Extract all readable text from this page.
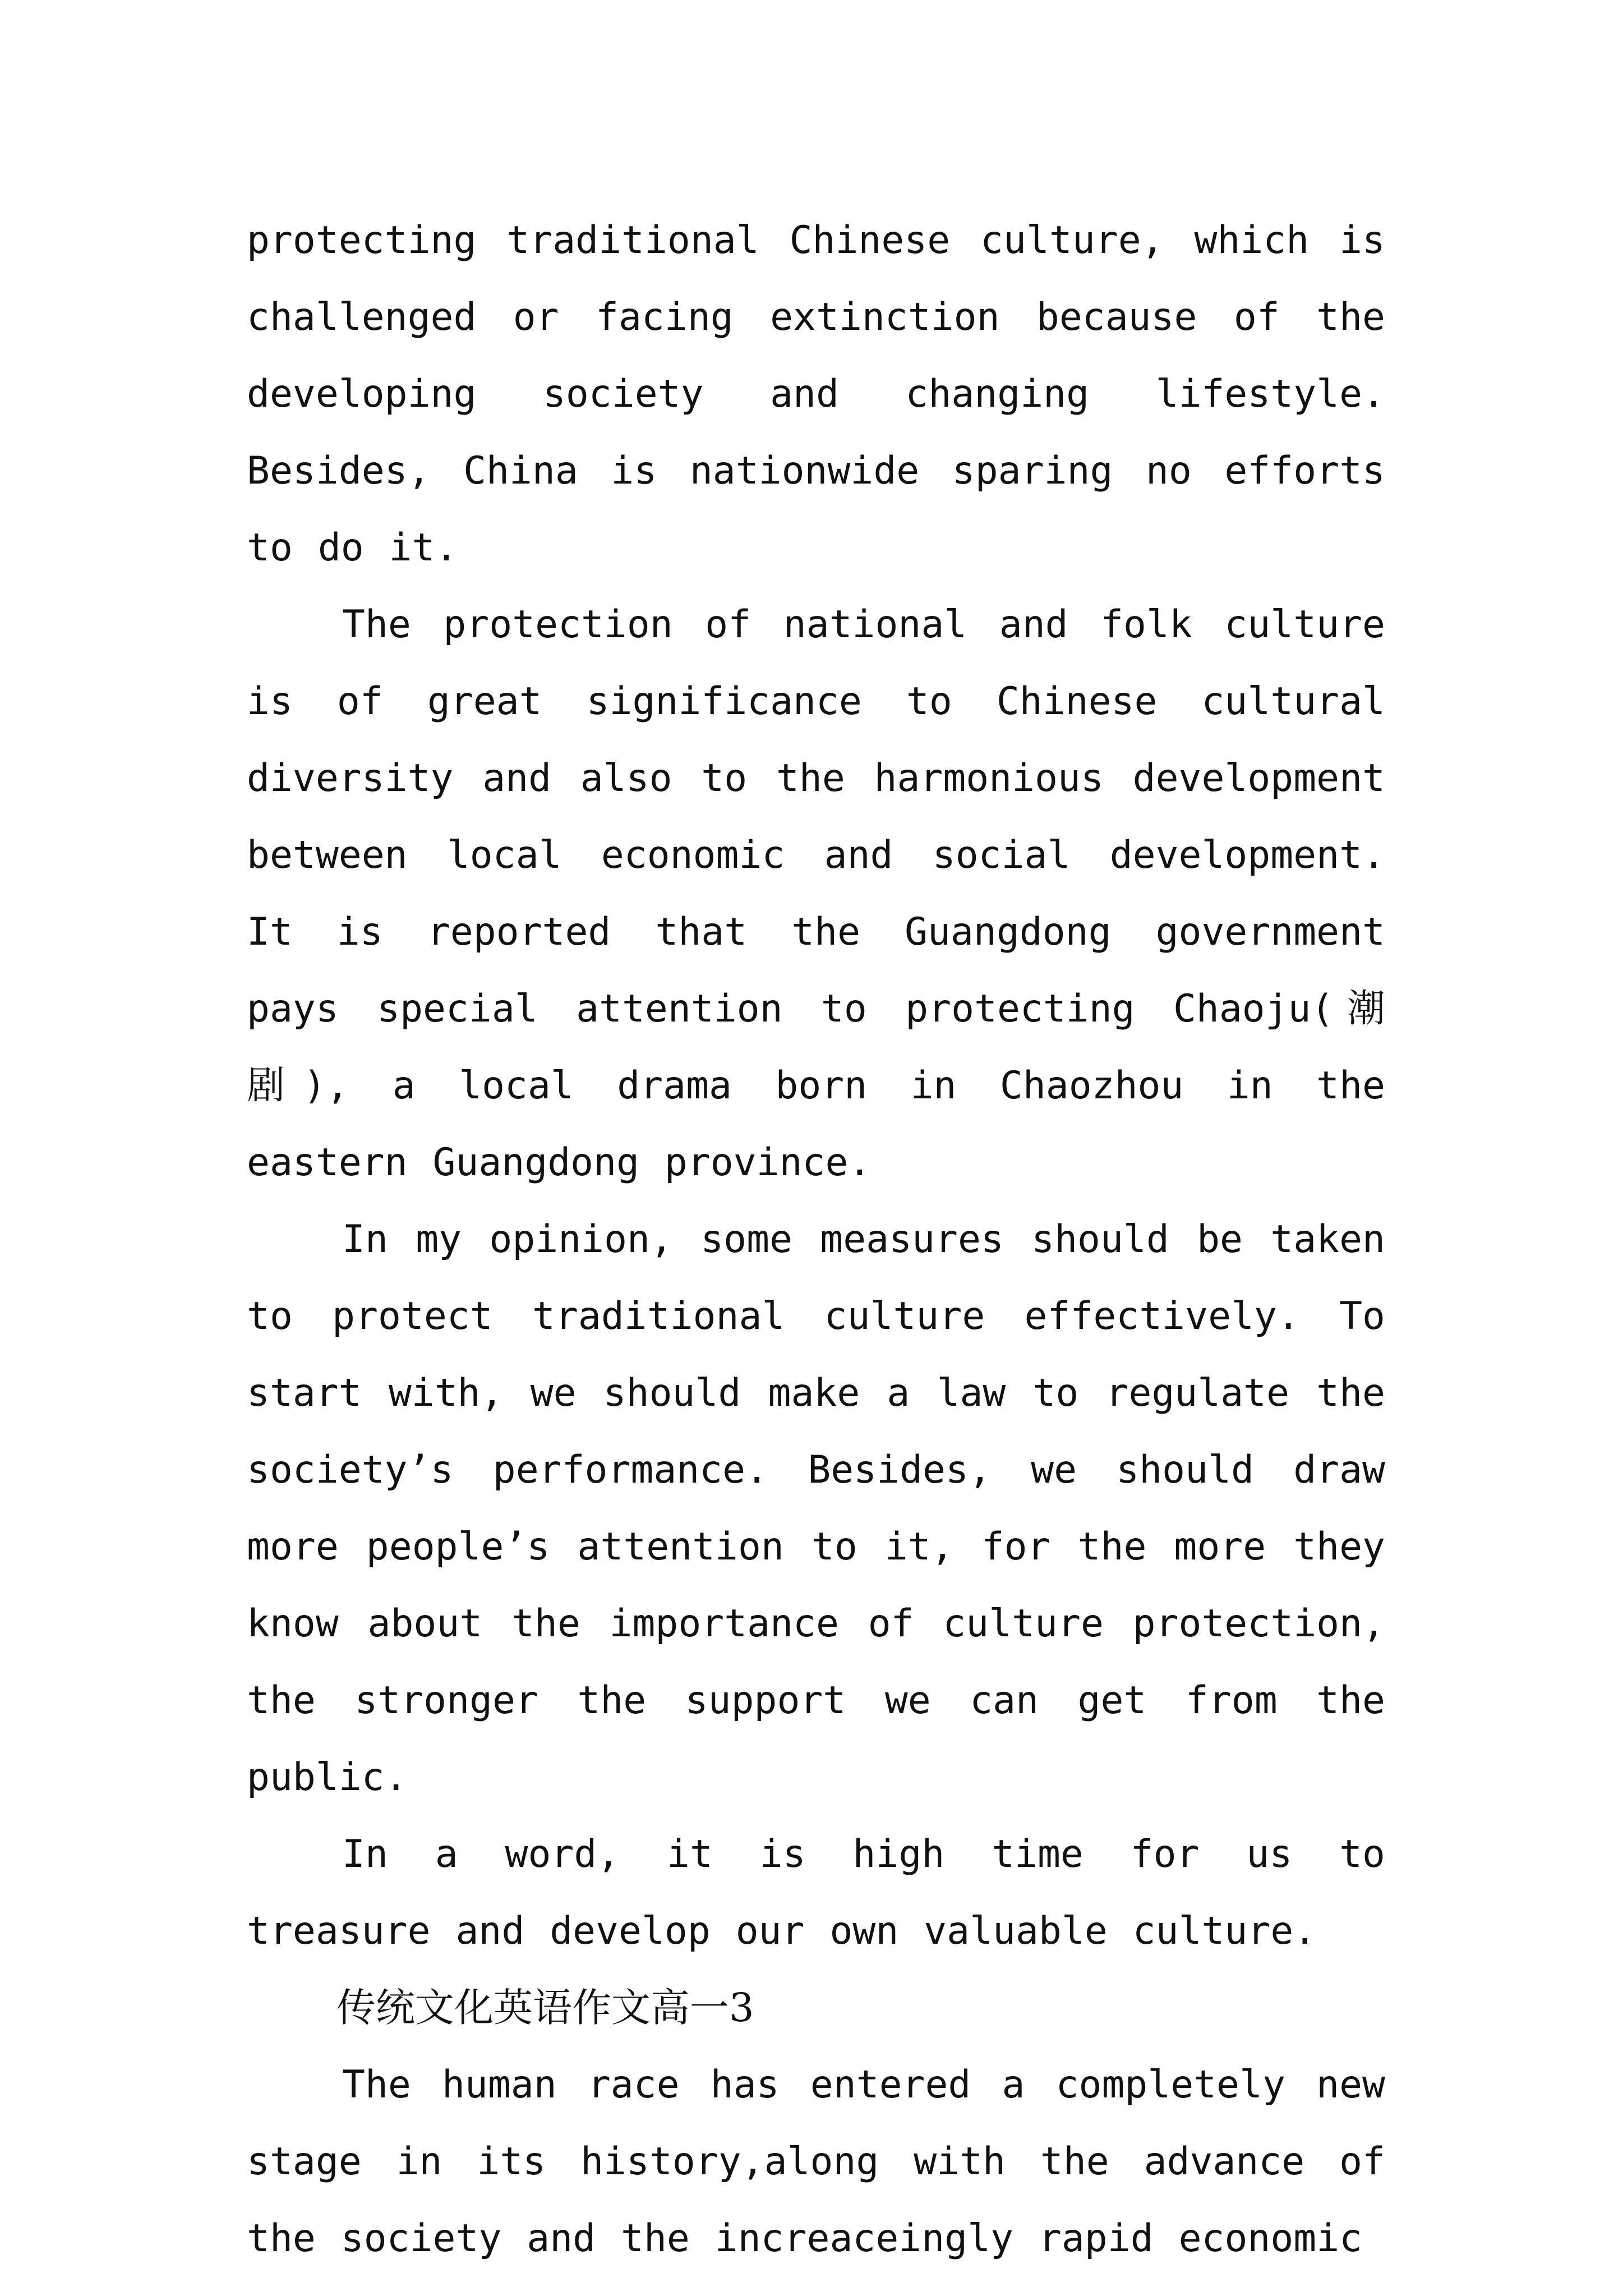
protecting traditional Chinese culture, which is challenged or facing extinction because of the developing society and changing lifestyle. Besides, China is nationwide sparing no efforts to do it.

The protection of national and folk culture is of great significance to Chinese cultural diversity and also to the harmonious development between local economic and social development. It is reported that the Guangdong government pays special attention to protecting Chaoju(潮剧), a local drama born in Chaozhou in the eastern Guangdong province.

In my opinion, some measures should be taken to protect traditional culture effectively. To start with, we should make a law to regulate the society’s performance. Besides, we should draw more people’s attention to it, for the more they know about the importance of culture protection, the stronger the support we can get from the public.

In a word, it is high time for us to treasure and develop our own valuable culture.

传统文化英语作文高一3

The human race has entered a completely new stage in its history,along with the advance of the society and the increaceingly rapid economic
